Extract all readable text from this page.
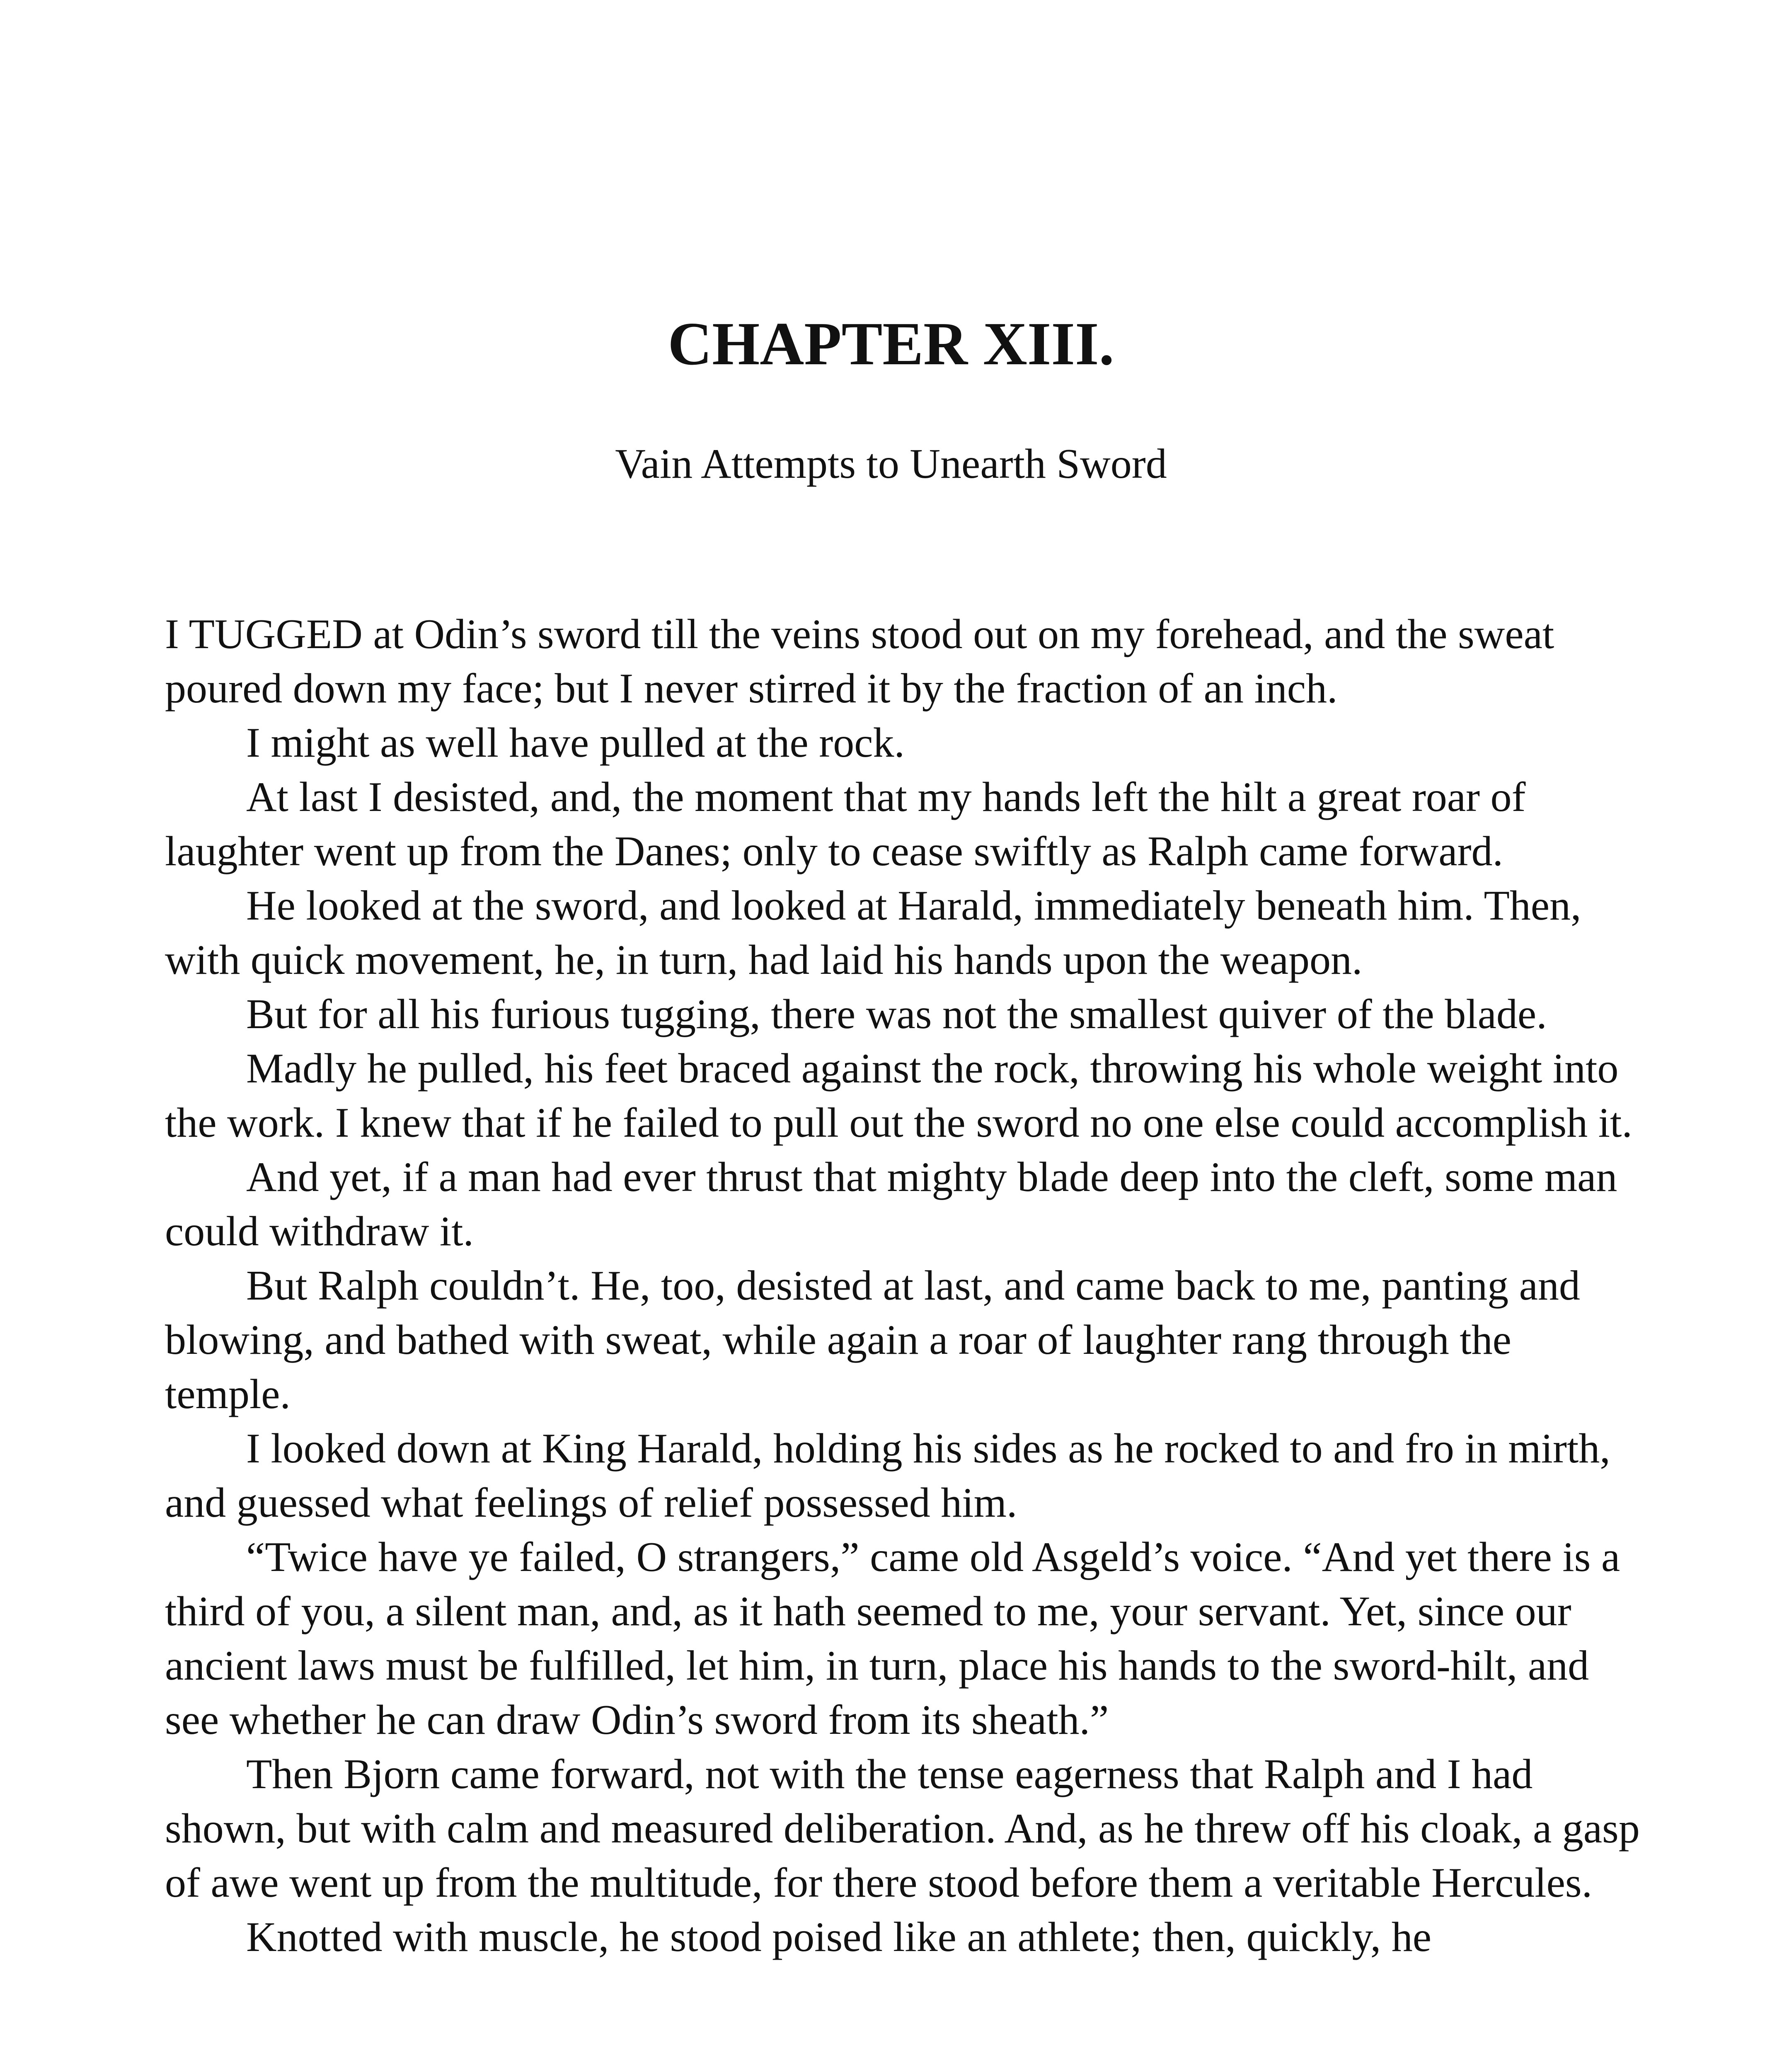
CHAPTER XIII.
Vain Attempts to Unearth Sword

I TUGGED at Odin’s sword till the veins stood out on my forehead, and the sweat poured down my face; but I never stirred it by the fraction of an inch.

I might as well have pulled at the rock.

At last I desisted, and, the moment that my hands left the hilt a great roar of laughter went up from the Danes; only to cease swiftly as Ralph came forward.

He looked at the sword, and looked at Harald, immediately beneath him. Then, with quick movement, he, in turn, had laid his hands upon the weapon.

But for all his furious tugging, there was not the smallest quiver of the blade.

Madly he pulled, his feet braced against the rock, throwing his whole weight into the work. I knew that if he failed to pull out the sword no one else could accomplish it.

And yet, if a man had ever thrust that mighty blade deep into the cleft, some man could withdraw it.

But Ralph couldn’t. He, too, desisted at last, and came back to me, panting and blowing, and bathed with sweat, while again a roar of laughter rang through the temple.

I looked down at King Harald, holding his sides as he rocked to and fro in mirth, and guessed what feelings of relief possessed him.

“Twice have ye failed, O strangers,” came old Asgeld’s voice. “And yet there is a third of you, a silent man, and, as it hath seemed to me, your servant. Yet, since our ancient laws must be fulfilled, let him, in turn, place his hands to the sword-hilt, and see whether he can draw Odin’s sword from its sheath.”

Then Bjorn came forward, not with the tense eagerness that Ralph and I had shown, but with calm and measured deliberation. And, as he threw off his cloak, a gasp of awe went up from the multitude, for there stood before them a veritable Hercules.

Knotted with muscle, he stood poised like an athlete; then, quickly, he
